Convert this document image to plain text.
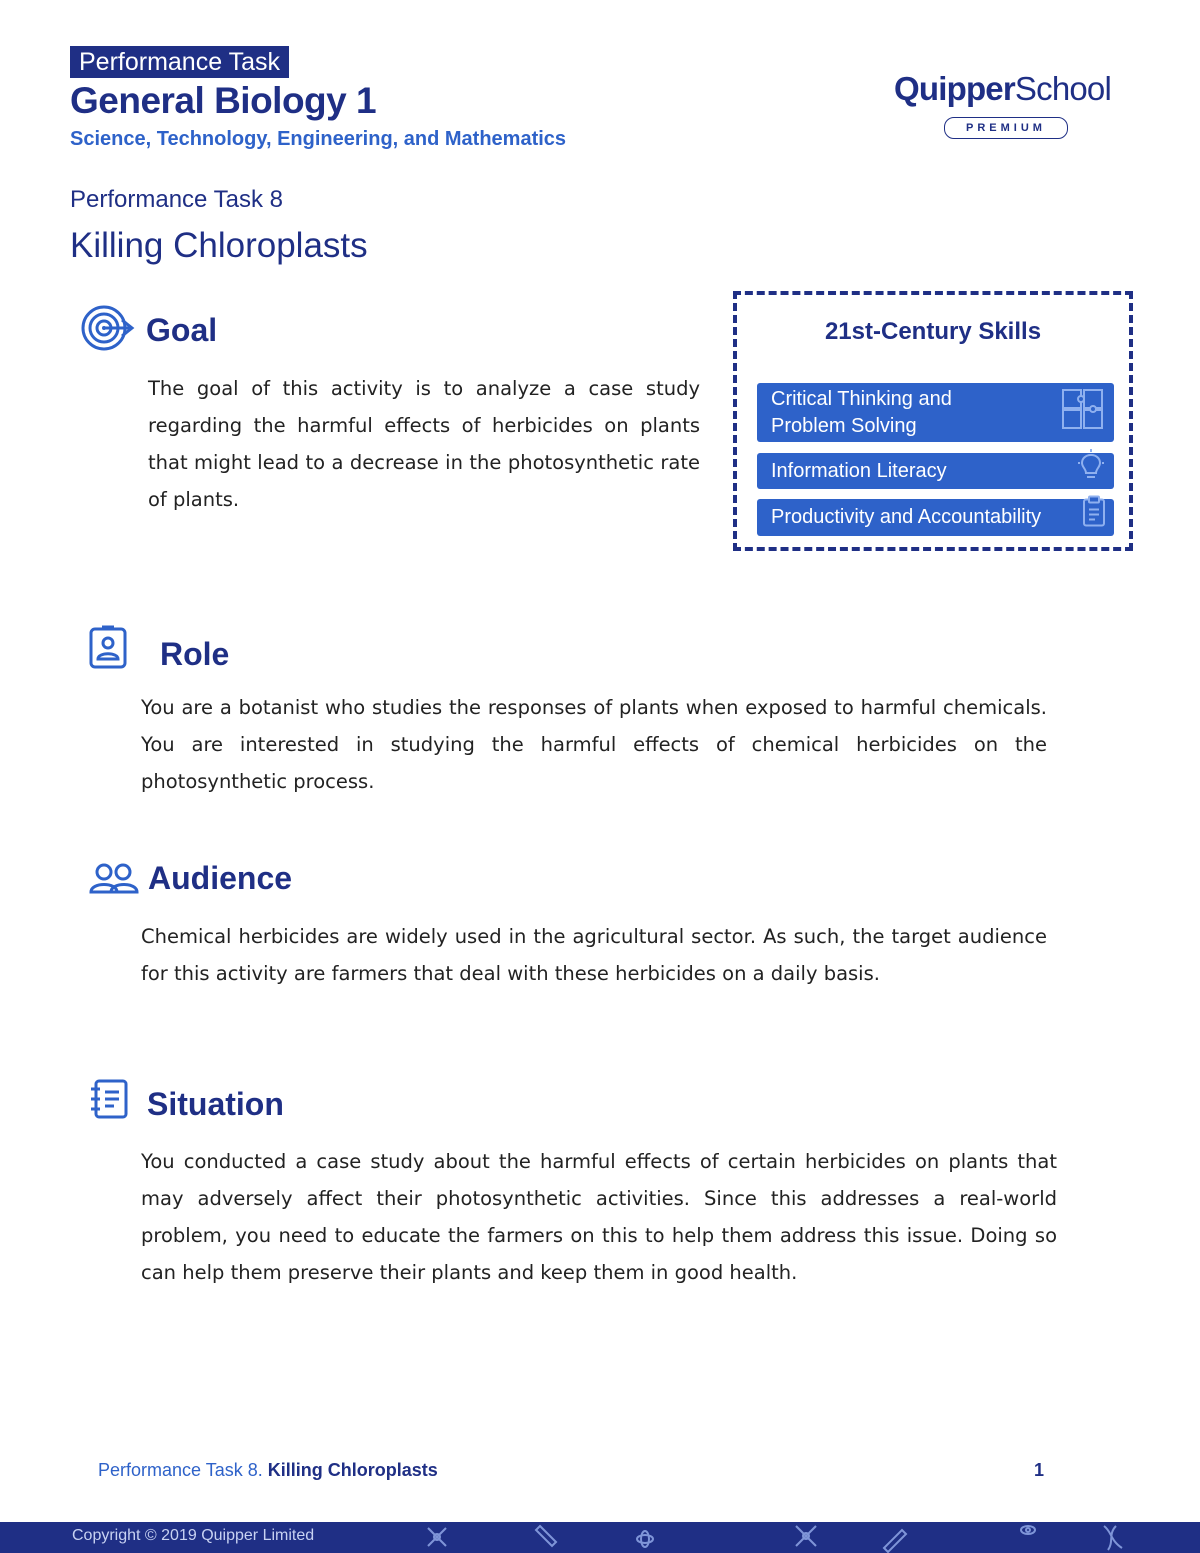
Performance Task
General Biology 1
Science, Technology, Engineering, and Mathematics
QuipperSchool
PREMIUM
Performance Task 8
Killing Chloroplasts
Goal
The goal of this activity is to analyze a case study regarding the harmful effects of herbicides on plants that might lead to a decrease in the photosynthetic rate of plants.
21st-Century Skills
Critical Thinking and Problem Solving
Information Literacy
Productivity and Accountability
Role
You are a botanist who studies the responses of plants when exposed to harmful chemicals. You are interested in studying the harmful effects of chemical herbicides on the photosynthetic process.
Audience
Chemical herbicides are widely used in the agricultural sector. As such, the target audience for this activity are farmers that deal with these herbicides on a daily basis.
Situation
You conducted a case study about the harmful effects of certain herbicides on plants that may adversely affect their photosynthetic activities. Since this addresses a real-world problem, you need to educate the farmers on this to help them address this issue. Doing so can help them preserve their plants and keep them in good health.
Performance Task 8. Killing Chloroplasts	1
Copyright © 2019 Quipper Limited
